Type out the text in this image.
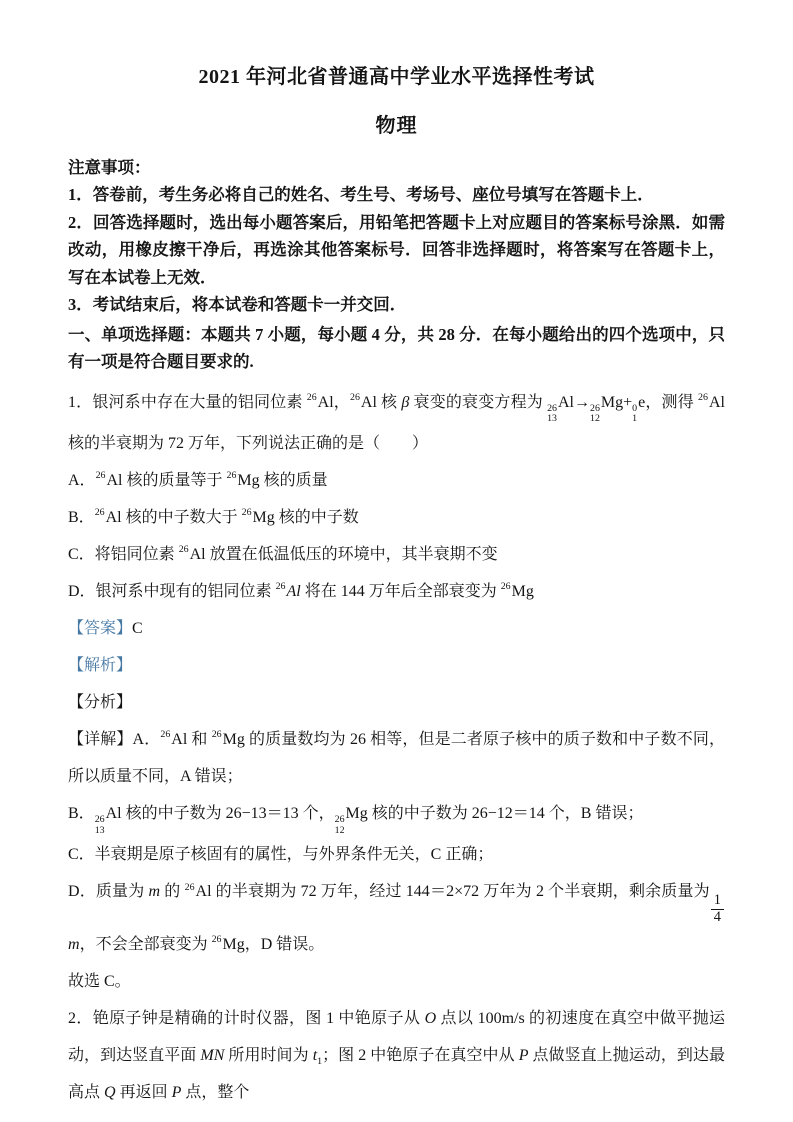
2021 年河北省普通高中学业水平选择性考试
物理

注意事项：

1．答卷前，考生务必将自己的姓名、考生号、考场号、座位号填写在答题卡上．

2．回答选择题时，选出每小题答案后，用铅笔把答题卡上对应题目的答案标号涂黑．如需改动，用橡皮擦干净后，再选涂其他答案标号．回答非选择题时，将答案写在答题卡上，写在本试卷上无效．

3．考试结束后，将本试卷和答题卡一并交回．

一、单项选择题：本题共 7 小题，每小题 4 分，共 28 分．在每小题给出的四个选项中，只有一项是符合题目要求的.

1．银河系中存在大量的铝同位素 $^{26}$Al，$^{26}$Al 核 β 衰变的衰变方程为 26
13
Al→ 26
12
Mg+ 0
1
e，测得 $^{26}$Al 核的半衰期为 72 万年，下列说法正确的是（　　）

A．$^{26}$Al 核的质量等于 $^{26}$Mg 核的质量

B．$^{26}$Al 核的中子数大于 $^{26}$Mg 核的中子数

C．将铝同位素 $^{26}$Al 放置在低温低压的环境中，其半衰期不变

D．银河系中现有的铝同位素 $^{26}$Al 将在 144 万年后全部衰变为 $^{26}$Mg

【答案】C

【解析】

【分析】

【详解】A．$^{26}$Al 和 $^{26}$Mg 的质量数均为 26 相等，但是二者原子核中的质子数和中子数不同，所以质量不同，A 错误；

B． 26
13
Al 核的中子数为 26−13＝13 个， 26
12
Mg 核的中子数为 26−12＝14 个，B 错误；

C．半衰期是原子核固有的属性，与外界条件无关，C 正确；

D．质量为 m 的 $^{26}$Al 的半衰期为 72 万年，经过 144＝2×72 万年为 2 个半衰期，剩余质量为
$\frac{1}{4}$
m，不会全部衰变为 $^{26}$Mg，D 错误。

故选 C。

2．铯原子钟是精确的计时仪器，图 1 中铯原子从 O 点以 100m/s 的初速度在真空中做平抛运动，到达竖直平面 MN 所用时间为 $t_1$；图 2 中铯原子在真空中从 P 点做竖直上抛运动，到达最高点 Q 再返回 P 点，整个
